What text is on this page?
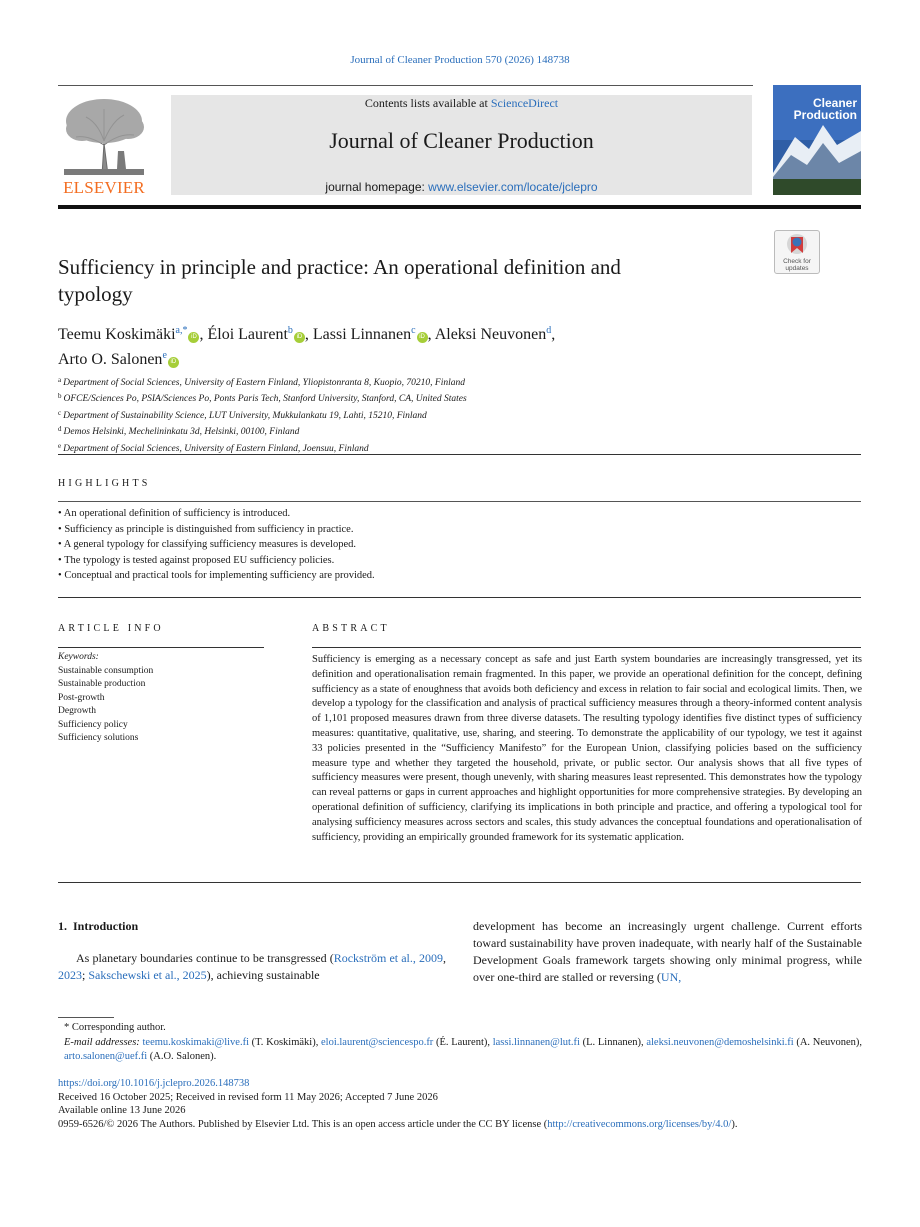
Journal of Cleaner Production 570 (2026) 148738
ELSEVIER
Contents lists available at ScienceDirect
Journal of Cleaner Production
journal homepage: www.elsevier.com/locate/jclepro
Cleaner
Production
Check for
updates
Sufficiency in principle and practice: An operational definition and typology
Teemu Koskimäki$^{a,*}$iD , Éloi Laurent$^b$iD , Lassi Linnanen$^c$iD , Aleksi Neuvonen$^d$,
Arto O. Salonen$^e$iD
$^a$ Department of Social Sciences, University of Eastern Finland, Yliopistonranta 8, Kuopio, 70210, Finland
$^b$ OFCE/Sciences Po, PSIA/Sciences Po, Ponts Paris Tech, Stanford University, Stanford, CA, United States
$^c$ Department of Sustainability Science, LUT University, Mukkulankatu 19, Lahti, 15210, Finland
$^d$ Demos Helsinki, Mechelininkatu 3d, Helsinki, 00100, Finland
$^e$ Department of Social Sciences, University of Eastern Finland, Joensuu, Finland
HIGHLIGHTS
• An operational definition of sufficiency is introduced.
• Sufficiency as principle is distinguished from sufficiency in practice.
• A general typology for classifying sufficiency measures is developed.
• The typology is tested against proposed EU sufficiency policies.
• Conceptual and practical tools for implementing sufficiency are provided.
ARTICLE INFO
Keywords:
Sustainable consumption
Sustainable production
Post-growth
Degrowth
Sufficiency policy
Sufficiency solutions
ABSTRACT
Sufficiency is emerging as a necessary concept as safe and just Earth system boundaries are increasingly transgressed, yet its definition and operationalisation remain fragmented. In this paper, we provide an operational definition for the concept, defining sufficiency as a state of enoughness that avoids both deficiency and excess in relation to fair social and ecological limits. Then, we develop a typology for the classification and analysis of practical sufficiency measures through a theory-informed content analysis of 1,101 proposed measures drawn from three diverse datasets. The resulting typology identifies five distinct types of sufficiency measures: quantitative, qualitative, use, sharing, and steering. To demonstrate the applicability of our typology, we test it against 33 policies presented in the “Sufficiency Manifesto” for the European Union, classifying policies based on the sufficiency measure type and whether they targeted the household, private, or public sector. Our analysis shows that all five types of sufficiency measures were present, though unevenly, with sharing measures least represented. This demonstrates how the typology can reveal patterns or gaps in current approaches and highlight opportunities for more comprehensive strategies. By developing an operational definition of sufficiency, clarifying its implications in both principle and practice, and offering a typological tool for analysing sufficiency measures across sectors and scales, this study advances the conceptual foundations and operationalisation of sufficiency, providing an empirically grounded framework for its systematic application.
1. Introduction
As planetary boundaries continue to be transgressed (Rockström et al., 2009, 2023; Sakschewski et al., 2025), achieving sustainable
development has become an increasingly urgent challenge. Current efforts toward sustainability have proven inadequate, with nearly half of the Sustainable Development Goals framework targets showing only minimal progress, while over one-third are stalled or reversing (UN,
* Corresponding author.
E-mail addresses: teemu.koskimaki@live.fi (T. Koskimäki), eloi.laurent@sciencespo.fr (É. Laurent), lassi.linnanen@lut.fi (L. Linnanen), aleksi.neuvonen@demoshelsinki.fi (A. Neuvonen), arto.salonen@uef.fi (A.O. Salonen).
https://doi.org/10.1016/j.jclepro.2026.148738
Received 16 October 2025; Received in revised form 11 May 2026; Accepted 7 June 2026
Available online 13 June 2026
0959-6526/© 2026 The Authors. Published by Elsevier Ltd. This is an open access article under the CC BY license (http://creativecommons.org/licenses/by/4.0/).
